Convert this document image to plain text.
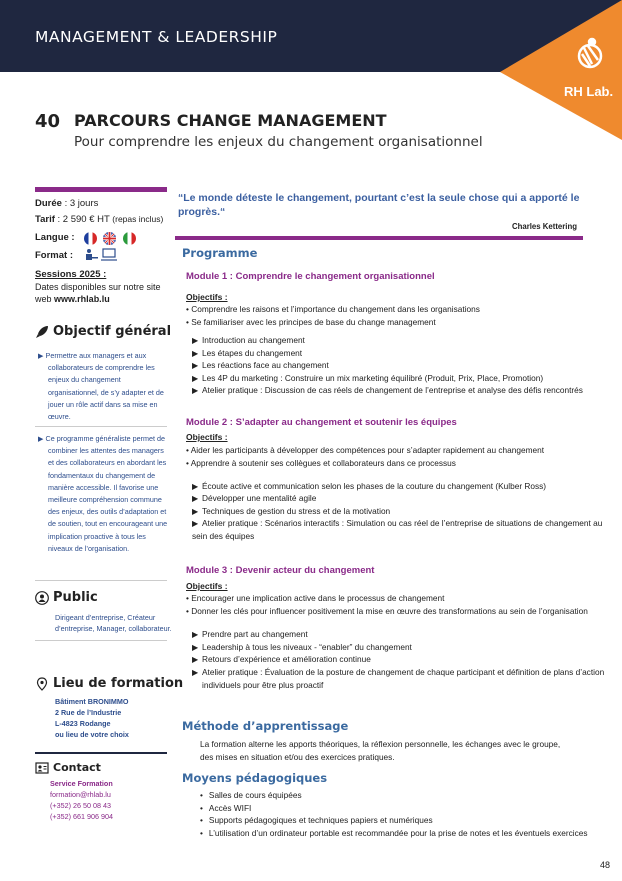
MANAGEMENT & LEADERSHIP
RH Lab.
40 PARCOURS CHANGE MANAGEMENT
Pour comprendre les enjeux du changement organisationnel
Durée : 3 jours
Tarif : 2 590 € HT (repas inclus)
Langue :

Format :
Sessions 2025 :
Dates disponibles sur notre site
web www.rhlab.lu
Objectif général

▶ Permettre aux managers et aux collaborateurs de comprendre les enjeux du changement organisationnel, de s’y adapter et de jouer un rôle actif dans sa mise en œuvre.

▶ Ce programme généraliste permet de combiner les attentes des managers et des collaborateurs en abordant les fondamentaux du changement de manière accessible. Il favorise une meilleure compréhension commune des enjeux, des outils d’adaptation et de soutien, tout en encourageant une implication proactive à tous les niveaux de l’organisation.

Public
Dirigeant d’entreprise, Créateur
d’entreprise, Manager, collaborateur.
Lieu de formation
Bâtiment BRONIMMO
2 Rue de l’Industrie
L-4823 Rodange
ou lieu de votre choix
Contact
Service Formation
formation@rhlab.lu
(+352) 26 50 08 43
(+352) 661 906 904
“Le monde déteste le changement, pourtant c’est la seule chose qui a apporté le progrès.“
Charles Kettering
Programme
Module 1 : Comprendre le changement organisationnel
Objectifs :
• Comprendre les raisons et l’importance du changement dans les organisations
• Se familiariser avec les principes de base du change management
▶ Introduction au changement
▶ Les étapes du changement
▶ Les réactions face au changement
▶ Les 4P du marketing : Construire un mix marketing équilibré (Produit, Prix, Place, Promotion)
▶ Atelier pratique : Discussion de cas réels de changement de l’entreprise et analyse des défis rencontrés
Module 2 : S’adapter au changement et soutenir les équipes
Objectifs :
• Aider les participants à développer des compétences pour s’adapter rapidement au changement
• Apprendre à soutenir ses collègues et collaborateurs dans ce processus
▶ Écoute active et communication selon les phases de la couture du changement (Kulber Ross)
▶ Développer une mentalité agile
▶ Techniques de gestion du stress et de la motivation
▶ Atelier pratique : Scénarios interactifs : Simulation ou cas réel de l’entreprise de situations de changement au
sein des équipes
Module 3 : Devenir acteur du changement
Objectifs :
• Encourager une implication active dans le processus de changement
• Donner les clés pour influencer positivement la mise en œuvre des transformations au sein de l’organisation
▶ Prendre part au changement
▶ Leadership à tous les niveaux - “enabler” du changement
▶ Retours d’expérience et amélioration continue
▶ Atelier pratique : Évaluation de la posture de changement de chaque participant et définition de plans d’action
individuels pour être plus proactif
Méthode d’apprentissage
La formation alterne les apports théoriques, la réflexion personnelle, les échanges avec le groupe,
des mises en situation et/ou des exercices pratiques.
Moyens pédagogiques
• Salles de cours équipées
• Accès WIFI
• Supports pédagogiques et techniques papiers et numériques
• L’utilisation d’un ordinateur portable est recommandée pour la prise de notes et les éventuels exercices
48
